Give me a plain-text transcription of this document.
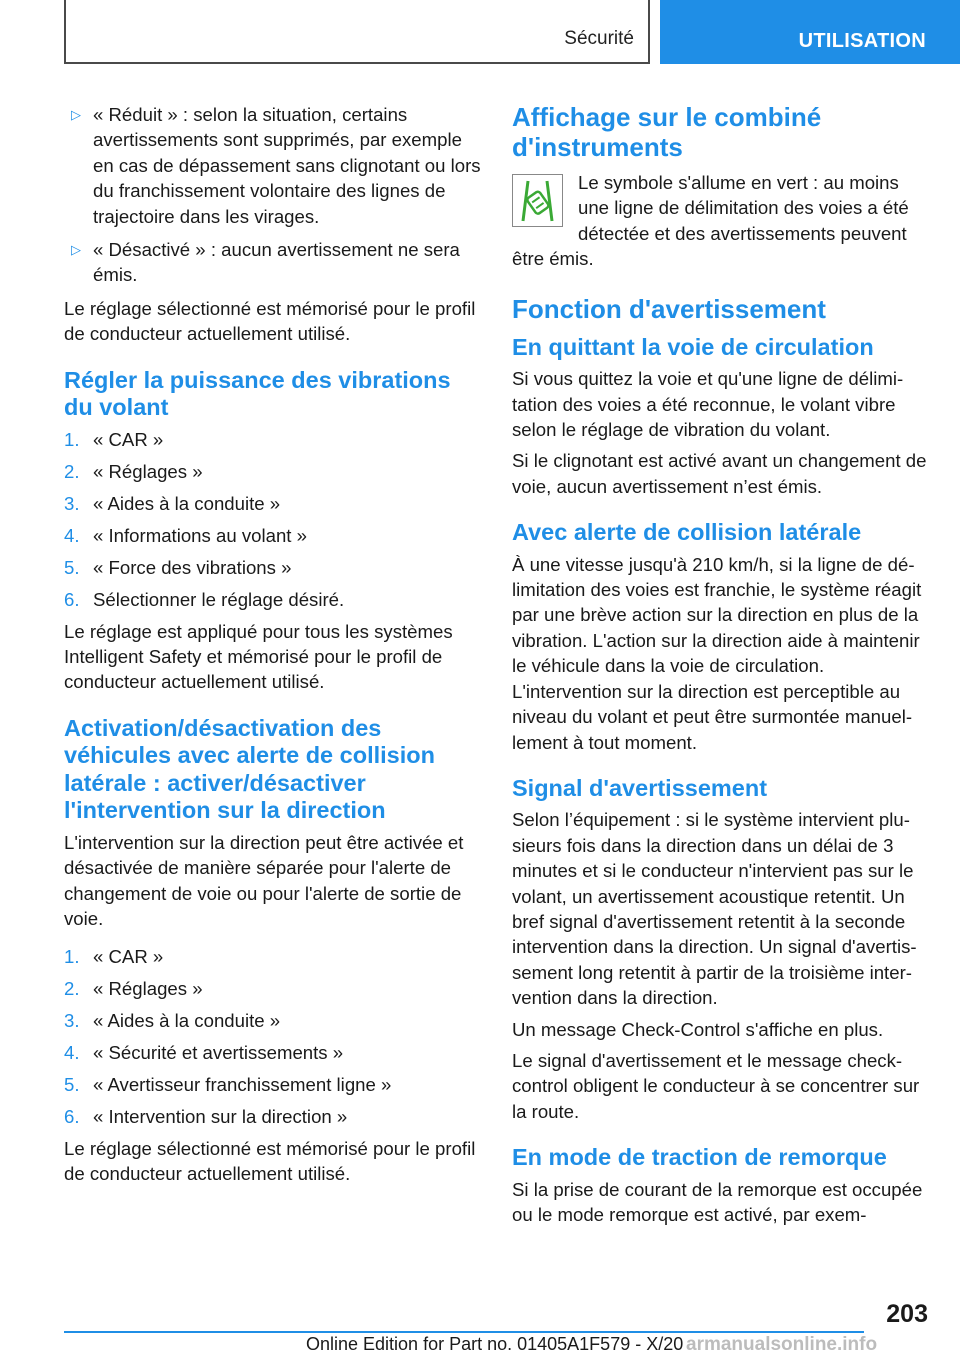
Sécurité	UTILISATION
▷ « Réduit » : selon la situation, certains avertissements sont supprimés, par exemple en cas de dépassement sans clignotant ou lors du franchissement volontaire des lignes de trajectoire dans les virages.
▷ « Désactivé » : aucun avertissement ne sera émis.

Le réglage sélectionné est mémorisé pour le profil de conducteur actuellement utilisé.

Régler la puissance des vibrations du volant
1. « CAR »
2. « Réglages »
3. « Aides à la conduite »
4. « Informations au volant »
5. « Force des vibrations »
6. Sélectionner le réglage désiré.

Le réglage est appliqué pour tous les systèmes Intelligent Safety et mémorisé pour le profil de conducteur actuellement utilisé.

Activation/désactivation des véhicules avec alerte de collision latérale : activer/désactiver l'intervention sur la direction

L'intervention sur la direction peut être activée et désactivée de manière séparée pour l'alerte de changement de voie ou pour l'alerte de sortie de voie.

1. « CAR »
2. « Réglages »
3. « Aides à la conduite »
4. « Sécurité et avertissements »
5. « Avertisseur franchissement ligne »
6. « Intervention sur la direction »

Le réglage sélectionné est mémorisé pour le profil de conducteur actuellement utilisé.

Affichage sur le combiné d'instruments

Le symbole s'allume en vert : au moins une ligne de délimitation des voies a été détectée et des avertissements peuvent

être émis.

Fonction d'avertissement
En quittant la voie de circulation

Si vous quittez la voie et qu'une ligne de délimitation des voies a été reconnue, le volant vibre selon le réglage de vibration du volant.

Si le clignotant est activé avant un changement de voie, aucun avertissement n’est émis.

Avec alerte de collision latérale

À une vitesse jusqu'à 210 km/h, si la ligne de délimitation des voies est franchie, le système réagit par une brève action sur la direction en plus de la vibration. L'action sur la direction aide à maintenir le véhicule dans la voie de circulation. L'intervention sur la direction est perceptible au niveau du volant et peut être surmontée manuellement à tout moment.

Signal d'avertissement

Selon l’équipement : si le système intervient plusieurs fois dans la direction dans un délai de 3 minutes et si le conducteur n'intervient pas sur le volant, un avertissement acoustique retentit. Un bref signal d'avertissement retentit à la seconde intervention dans la direction. Un signal d'avertissement long retentit à partir de la troisième intervention dans la direction.

Un message Check-Control s'affiche en plus.

Le signal d'avertissement et le message check-control obligent le conducteur à se concentrer sur la route.

En mode de traction de remorque

Si la prise de courant de la remorque est occupée ou le mode remorque est activé, par exem-

203
Online Edition for Part no. 01405A1F579 - X/20 armanualsonline.info
